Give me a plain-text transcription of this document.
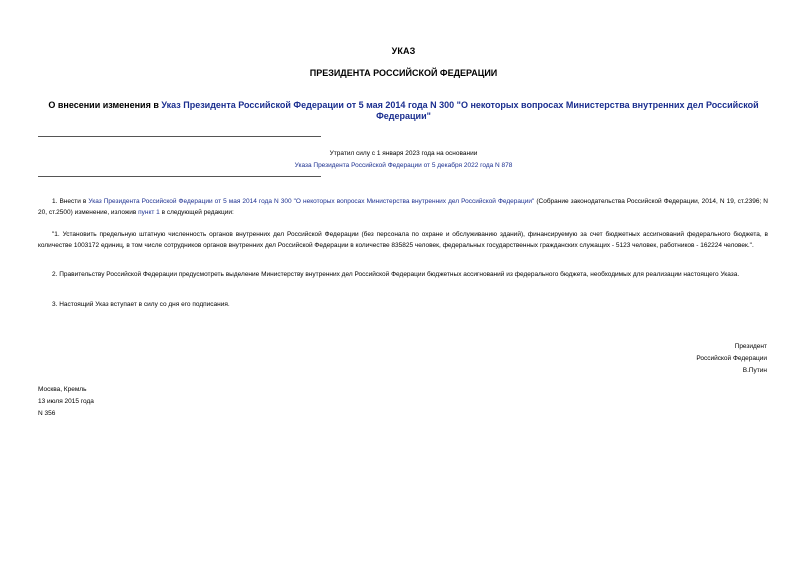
УКАЗ
ПРЕЗИДЕНТА РОССИЙСКОЙ ФЕДЕРАЦИИ
О внесении изменения в Указ Президента Российской Федерации от 5 мая 2014 года N 300 "О некоторых вопросах Министерства внутренних дел Российской Федерации"
Утратил силу с 1 января 2023 года на основании
Указа Президента Российской Федерации от 5 декабря 2022 года N 878
1. Внести в Указ Президента Российской Федерации от 5 мая 2014 года N 300 "О некоторых вопросах Министерства внутренних дел Российской Федерации" (Собрание законодательства Российской Федерации, 2014, N 19, ст.2396; N 20, ст.2500) изменение, изложив пункт 1 в следующей редакции:
"1. Установить предельную штатную численность органов внутренних дел Российской Федерации (без персонала по охране и обслуживанию зданий), финансируемую за счет бюджетных ассигнований федерального бюджета, в количестве 1003172 единиц, в том числе сотрудников органов внутренних дел Российской Федерации в количестве 835825 человек, федеральных государственных гражданских служащих - 5123 человек, работников - 162224 человек.".
2. Правительству Российской Федерации предусмотреть выделение Министерству внутренних дел Российской Федерации бюджетных ассигнований из федерального бюджета, необходимых для реализации настоящего Указа.
3. Настоящий Указ вступает в силу со дня его подписания.
Президент
Российской Федерации
В.Путин
Москва, Кремль
13 июля 2015 года
N 356
